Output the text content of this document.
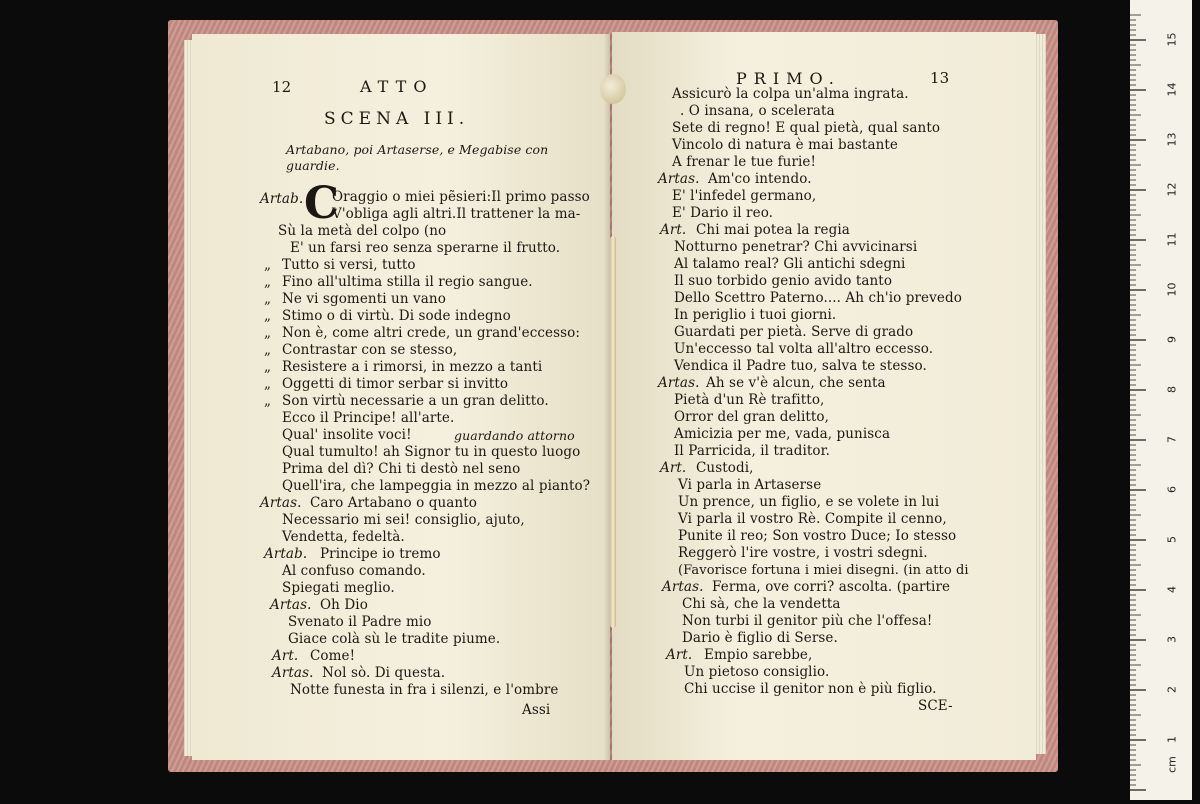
12	ATTO
SCENA III.
Artabano, poi Artaserse, e Megabise con guardie.
Artab. C
Oraggio o miei pẽsieri:Il primo passo
V'obliga agli altri.Il trattener la ma-
Sù la metà del colpo (no
E' un farsi reo senza sperarne il frutto.
„ Tutto si versi, tutto
„ Fino all'ultima stilla il regio sangue.
„ Ne vi sgomenti un vano
„ Stimo o di virtù. Di sode indegno
„ Non è, come altri crede, un grand'eccesso:
„ Contrastar con se stesso,
„ Resistere a i rimorsi, in mezzo a tanti
„ Oggetti di timor serbar si invitto
„ Son virtù necessarie a un gran delitto.
Ecco il Principe! all'arte.
Qual' insolite voci!	guardando attorno
Qual tumulto! ah Signor tu in questo luogo
Prima del dì? Chi ti destò nel seno
Quell'ira, che lampeggia in mezzo al pianto?
Artas. Caro Artabano o quanto
Necessario mi sei! consiglio, ajuto,
Vendetta, fedeltà.
Artab. Principe io tremo
Al confuso comando.
Spiegati meglio.
Artas. Oh Dio
Svenato il Padre mio
Giace colà sù le tradite piume.
Art. Come!
Artas. Nol sò. Di questa.
Notte funesta in fra i silenzi, e l'ombre
Assi
PRIMO.	13
Assicurò la colpa un'alma ingrata.
. O insana, o scelerata
Sete di regno! E qual pietà, qual santo
Vincolo di natura è mai bastante
A frenar le tue furie!
Artas. Am'co intendo.
E' l'infedel germano,
E' Dario il reo.
Art. Chi mai potea la regia
Notturno penetrar? Chi avvicinarsi
Al talamo real? Gli antichi sdegni
Il suo torbido genio avido tanto
Dello Scettro Paterno.... Ah ch'io prevedo
In periglio i tuoi giorni.
Guardati per pietà. Serve di grado
Un'eccesso tal volta all'altro eccesso.
Vendica il Padre tuo, salva te stesso.
Artas. Ah se v'è alcun, che senta
Pietà d'un Rè trafitto,
Orror del gran delitto,
Amicizia per me, vada, punisca
Il Parricida, il traditor.
Art. Custodi,
Vi parla in Artaserse
Un prence, un figlio, e se volete in lui
Vi parla il vostro Rè. Compite il cenno,
Punite il reo; Son vostro Duce; Io stesso
Reggerò l'ire vostre, i vostri sdegni.
(Favorisce fortuna i miei disegni. (in atto di
Artas. Ferma, ove corri? ascolta. (partire
Chi sà, che la vendetta
Non turbi il genitor più che l'offesa!
Dario è figlio di Serse.
Art. Empio sarebbe,
Un pietoso consiglio.
Chi uccise il genitor non è più figlio.
SCE-
cm
1
2
3
4
5
6
7
8
9
10
11
12
13
14
15
